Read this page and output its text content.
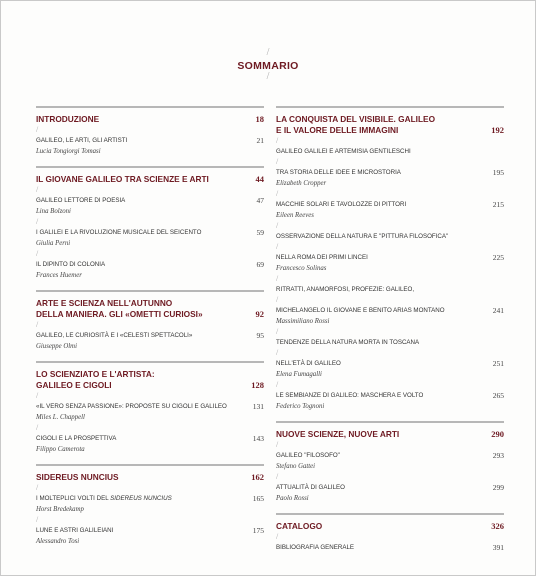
/
SOMMARIO
/
INTRODUZIONE	18
/
GALILEO, LE ARTI, GLI ARTISTI	21
Lucia Tongiorgi Tomasi
IL GIOVANE GALILEO TRA SCIENZE E ARTI	44
/
GALILEO LETTORE DI POESIA	47
Lina Bolzoni
/
I GALILEI E LA RIVOLUZIONE MUSICALE DEL SEICENTO	59
Giulia Perni
/
IL DIPINTO DI COLONIA	69
Frances Huemer
ARTE E SCIENZA NELL'AUTUNNO
DELLA MANIERA. GLI «OMETTI CURIOSI»	92
/
GALILEO, LE CURIOSITÀ E I «CELESTI SPETTACOLI»	95
Giuseppe Olmi
LO SCIENZIATO E L'ARTISTA:
GALILEO E CIGOLI	128
/
«IL VERO SENZA PASSIONE»: PROPOSTE SU CIGOLI E GALILEO	131
Miles L. Chappell
/
CIGOLI E LA PROSPETTIVA	143
Filippo Camerota
SIDEREUS NUNCIUS	162
/
I MOLTEPLICI VOLTI DEL SIDEREUS NUNCIUS	165
Horst Bredekamp
/
LUNE E ASTRI GALILEIANI	175
Alessandro Tosi
LA CONQUISTA DEL VISIBILE. GALILEO
E IL VALORE DELLE IMMAGINI	192
/
GALILEO GALILEI E ARTEMISIA GENTILESCHI
/
TRA STORIA DELLE IDEE E MICROSTORIA	195
Elizabeth Cropper
/
MACCHIE SOLARI E TAVOLOZZE DI PITTORI	215
Eileen Reeves
/
OSSERVAZIONE DELLA NATURA E "PITTURA FILOSOFICA"
/
NELLA ROMA DEI PRIMI LINCEI	225
Francesco Solinas
/
RITRATTI, ANAMORFOSI, PROFEZIE: GALILEO,
/
MICHELANGELO IL GIOVANE E BENITO ARIAS MONTANO	241
Massimiliano Rossi
/
TENDENZE DELLA NATURA MORTA IN TOSCANA
/
NELL'ETÀ DI GALILEO	251
Elena Fumagalli
/
LE SEMBIANZE DI GALILEO: MASCHERA E VOLTO	265
Federico Tognoni
NUOVE SCIENZE, NUOVE ARTI	290
/
GALILEO "FILOSOFO"	293
Stefano Gattei
/
ATTUALITÀ DI GALILEO	299
Paolo Rossi
CATALOGO	326
/
BIBLIOGRAFIA GENERALE	391
